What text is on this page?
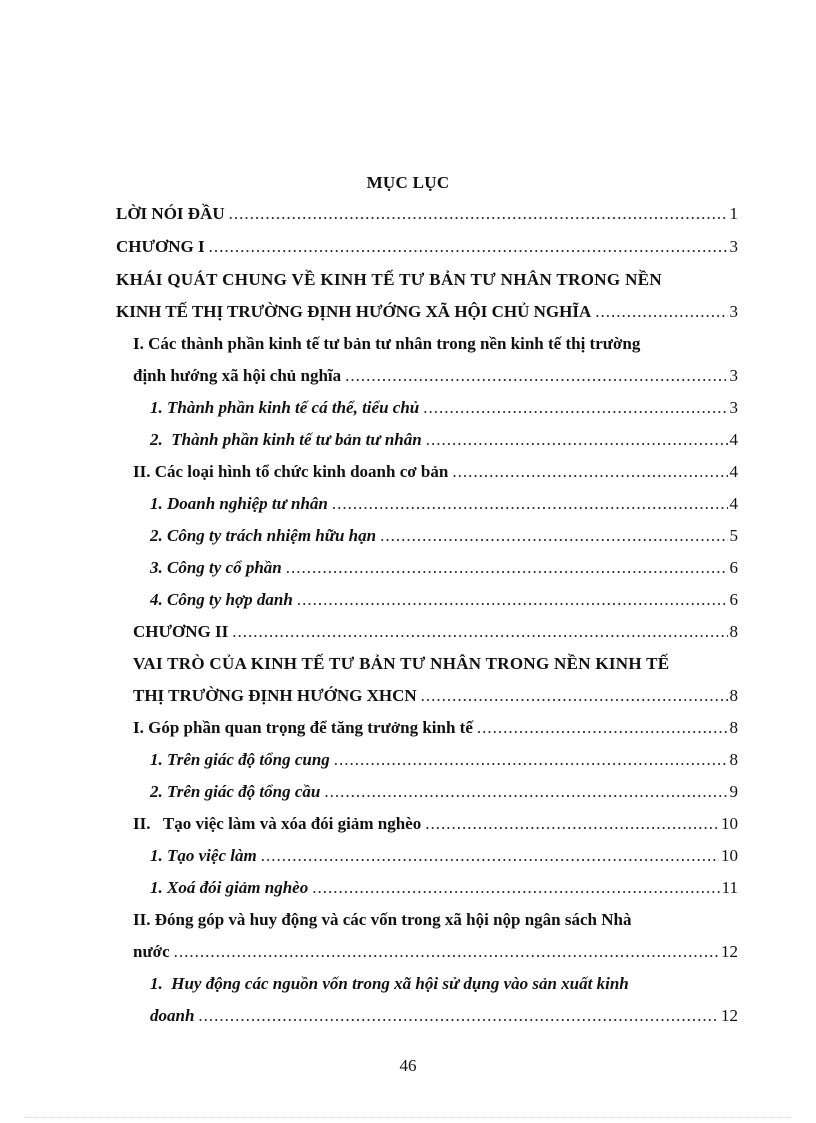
MỤC LỤC
LỜI NÓI ĐẦU .....	1
CHƯƠNG I .....	3
KHÁI QUÁT CHUNG VỀ KINH TẾ TƯ BẢN TƯ NHÂN TRONG NỀN
KINH TẾ THỊ TRƯỜNG ĐỊNH HƯỚNG XÃ HỘI CHỦ NGHĨA .....	3
I. Các thành phần kinh tế tư bản tư nhân trong nền kinh tế thị trường
định hướng xã hội chủ nghĩa .....	3
1. Thành phần kinh tế cá thể, tiểu chủ .....	3
2.  Thành phần kinh tế tư bản tư nhân .....	4
II. Các loại hình tổ chức kinh doanh cơ bản .....	4
1. Doanh nghiệp tư nhân .....	4
2. Công ty trách nhiệm hữu hạn .....	5
3. Công ty cổ phần .....	6
4. Công ty hợp danh .....	6
CHƯƠNG II .....	8
VAI TRÒ CỦA KINH TẾ TƯ BẢN TƯ NHÂN TRONG NỀN KINH TẾ
THỊ TRƯỜNG ĐỊNH HƯỚNG XHCN .....	8
I. Góp phần quan trọng để tăng trưởng kinh tế .....	8
1. Trên giác độ tổng cung .....	8
2. Trên giác độ tổng cầu .....	9
II.   Tạo việc làm và xóa đói giảm nghèo .....	10
1. Tạo việc làm .....	10
1. Xoá đói giảm nghèo .....	11
II. Đóng góp và huy động và các vốn trong xã hội nộp ngân sách Nhà
nước .....	12
1.  Huy động các nguồn vốn trong xã hội sử dụng vào sản xuất kinh
doanh .....	12
46
